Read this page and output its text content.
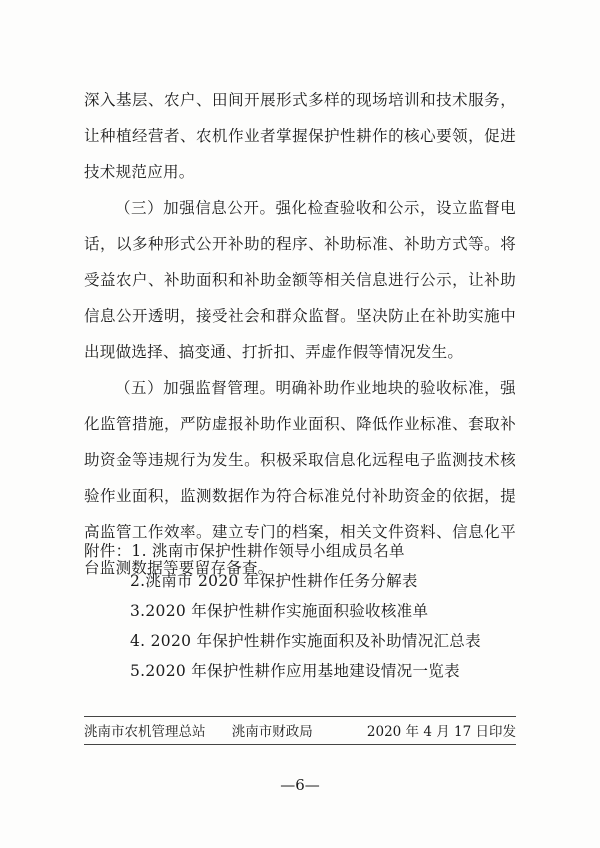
深入基层、农户、田间开展形式多样的现场培训和技术服务，
让种植经营者、农机作业者掌握保护性耕作的核心要领，促进
技术规范应用。
（三）加强信息公开。强化检查验收和公示，设立监督电
话，以多种形式公开补助的程序、补助标准、补助方式等。将
受益农户、补助面积和补助金额等相关信息进行公示，让补助
信息公开透明，接受社会和群众监督。坚决防止在补助实施中
出现做选择、搞变通、打折扣、弄虚作假等情况发生。
（五）加强监督管理。明确补助作业地块的验收标准，强
化监管措施，严防虚报补助作业面积、降低作业标准、套取补
助资金等违规行为发生。积极采取信息化远程电子监测技术核
验作业面积，监测数据作为符合标准兑付补助资金的依据，提
高监管工作效率。建立专门的档案，相关文件资料、信息化平
台监测数据等要留存备查。
附件：1. 洮南市保护性耕作领导小组成员名单
2.洮南市 2020 年保护性耕作任务分解表
3.2020 年保护性耕作实施面积验收核准单
4. 2020 年保护性耕作实施面积及补助情况汇总表
5.2020 年保护性耕作应用基地建设情况一览表
洮南市农机管理总站 洮南市财政局	2020 年 4 月 17 日印发
—6—
